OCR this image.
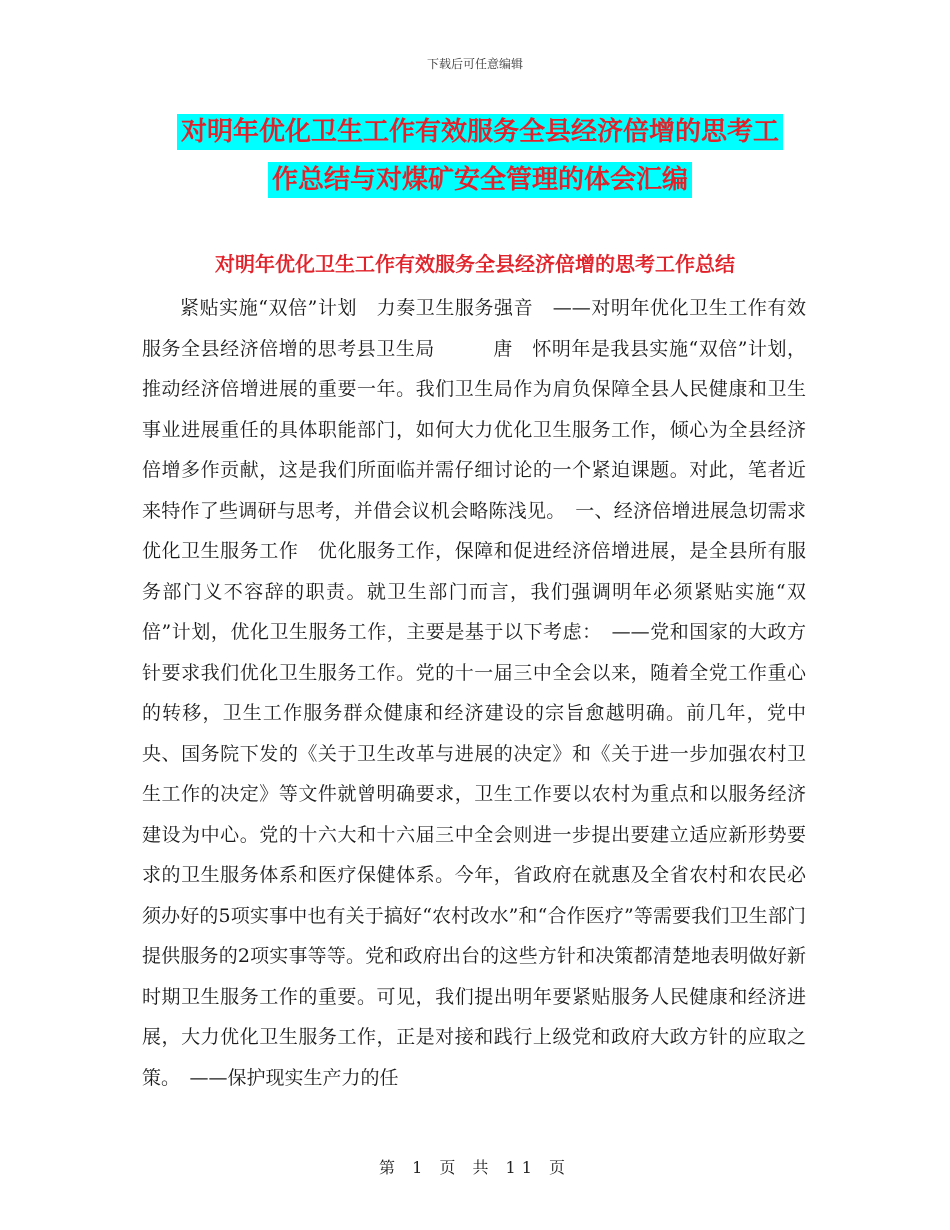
下载后可任意编辑
对明年优化卫生工作有效服务全县经济倍增的思考工
作总结与对煤矿安全管理的体会汇编
对明年优化卫生工作有效服务全县经济倍增的思考工作总结

紧贴实施“双倍”计划　力奏卫生服务强音　——对明年优化卫生工作有效服务全县经济倍增的思考县卫生局　　　唐　怀明年是我县实施“双倍”计划，推动经济倍增进展的重要一年。我们卫生局作为肩负保障全县人民健康和卫生事业进展重任的具体职能部门，如何大力优化卫生服务工作，倾心为全县经济倍增多作贡献，这是我们所面临并需仔细讨论的一个紧迫课题。对此，笔者近来特作了些调研与思考，并借会议机会略陈浅见。　一、经济倍增进展急切需求优化卫生服务工作　优化服务工作，保障和促进经济倍增进展，是全县所有服务部门义不容辞的职责。就卫生部门而言，我们强调明年必须紧贴实施“双倍”计划，优化卫生服务工作，主要是基于以下考虑：　——党和国家的大政方针要求我们优化卫生服务工作。党的十一届三中全会以来，随着全党工作重心的转移，卫生工作服务群众健康和经济建设的宗旨愈越明确。前几年，党中央、国务院下发的《关于卫生改革与进展的决定》和《关于进一步加强农村卫生工作的决定》等文件就曾明确要求，卫生工作要以农村为重点和以服务经济建设为中心。党的十六大和十六届三中全会则进一步提出要建立适应新形势要求的卫生服务体系和医疗保健体系。今年，省政府在就惠及全省农村和农民必须办好的5项实事中也有关于搞好“农村改水”和“合作医疗”等需要我们卫生部门提供服务的2项实事等等。党和政府出台的这些方针和决策都清楚地表明做好新时期卫生服务工作的重要。可见，我们提出明年要紧贴服务人民健康和经济进展，大力优化卫生服务工作，正是对接和践行上级党和政府大政方针的应取之策。　——保护现实生产力的任

第 1 页 共 11 页
